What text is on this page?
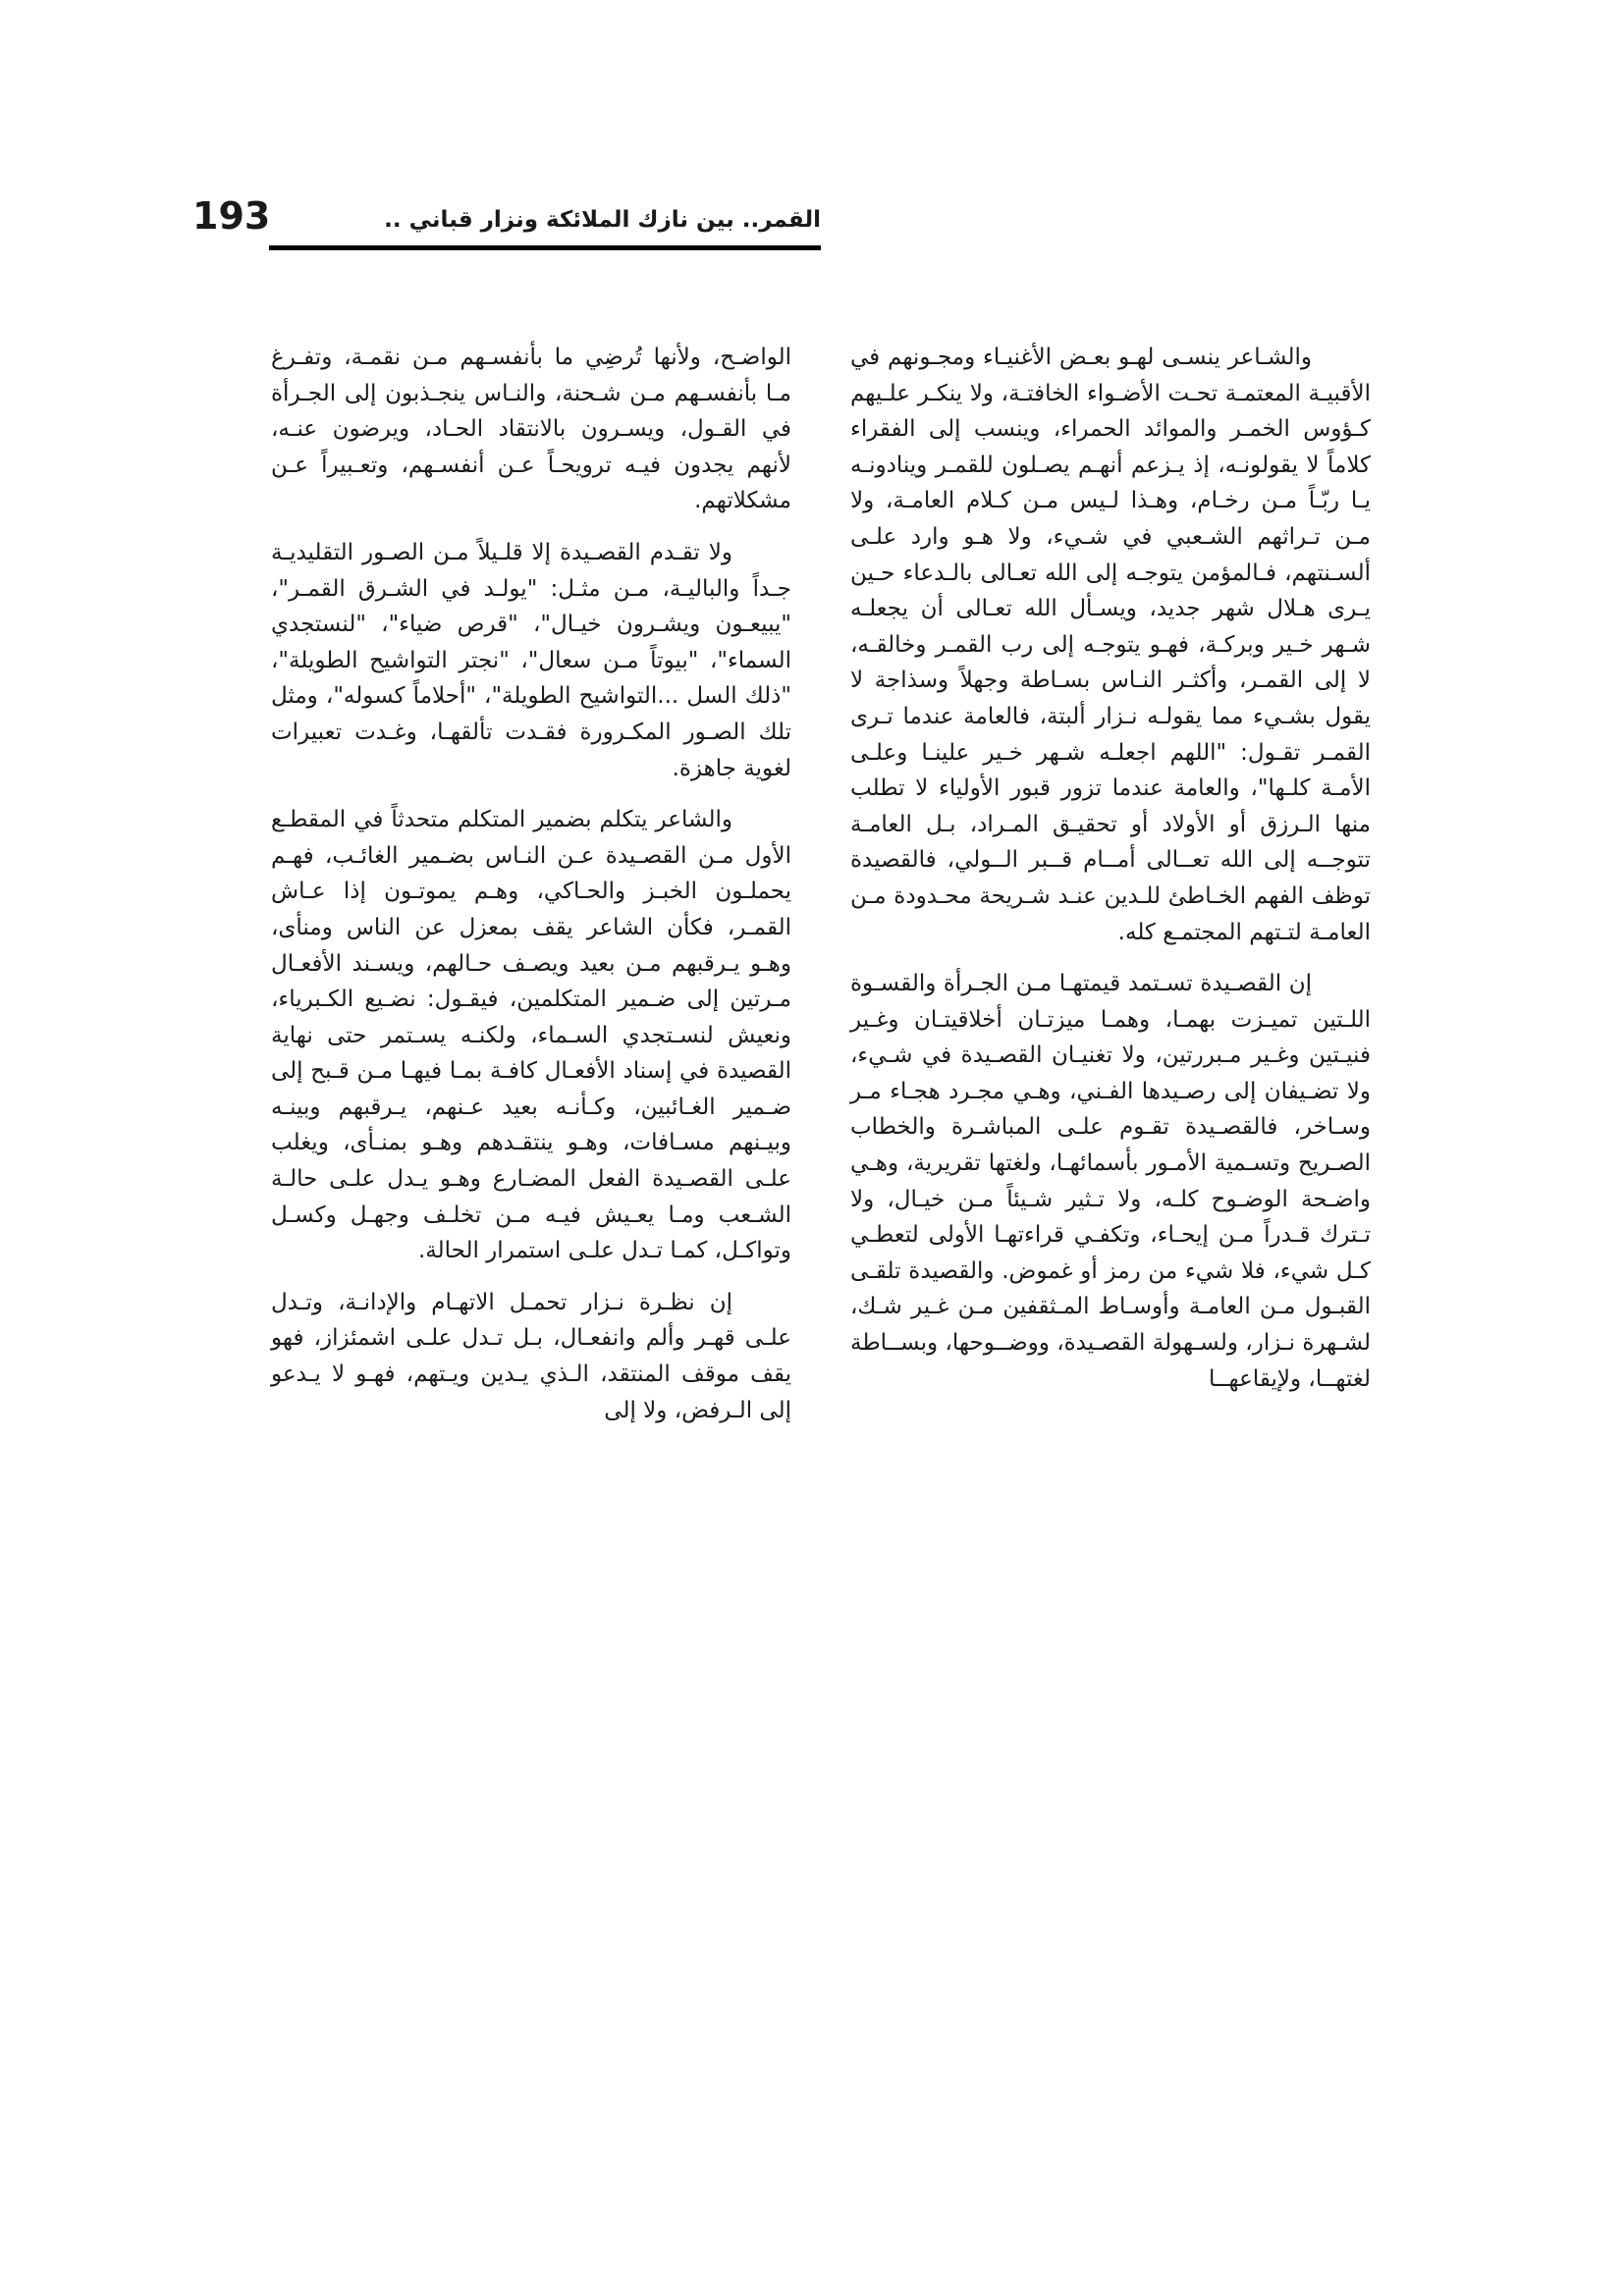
193	القمر.. بين نازك الملائكة ونزار قباني ..

والشـاعر ينسـى لهـو بعـض الأغنيـاء ومجـونهم في الأقبيـة المعتمـة تحـت الأضـواء الخافتـة، ولا ينكـر علـيهم كـؤوس الخمـر والموائد الحمراء، وينسب إلى الفقراء كلاماً لا يقولونـه، إذ يـزعم أنهـم يصـلون للقمـر وينادونـه يـا ربّـاً مـن رخـام، وهـذا لـيس مـن كـلام العامـة، ولا مـن تـراثهم الشـعبي في شـيء، ولا هـو وارد علـى ألسـنتهم، فـالمؤمن يتوجـه إلى الله تعـالى بالـدعاء حـين يـرى هـلال شهر جديد، ويسـأل الله تعـالى أن يجعلـه شـهر خـير وبركـة، فهـو يتوجـه إلى رب القمـر وخالقـه، لا إلى القمـر، وأكثـر النـاس بسـاطة وجهلاً وسذاجة لا يقول بشـيء مما يقولـه نـزار ألبتة، فالعامة عندما تـرى القمـر تقـول: "اللهم اجعلـه شـهر خـير علينـا وعلـى الأمـة كلـها"، والعامة عندما تزور قبور الأولياء لا تطلب منها الـرزق أو الأولاد أو تحقيـق المـراد، بـل العامـة تتوجــه إلى الله تعــالى أمــام قــبر الــولي، فالقصيدة توظف الفهم الخـاطئ للـدين عنـد شـريحة محـدودة مـن العامـة لتـتهم المجتمـع كله.

إن القصـيدة تسـتمد قيمتهـا مـن الجـرأة والقسـوة اللـتين تميـزت بهمـا، وهمـا ميزتـان أخلاقيتـان وغـير فنيـتين وغـير مـبررتين، ولا تغنيـان القصـيدة في شـيء، ولا تضـيفان إلى رصـيدها الفـني، وهـي مجـرد هجـاء مـر وسـاخر، فالقصـيدة تقـوم علـى المباشـرة والخطاب الصـريح وتسـمية الأمـور بأسمائهـا، ولغتها تقريرية، وهـي واضـحة الوضـوح كلـه، ولا تـثير شـيئاً مـن خيـال، ولا تـترك قـدراً مـن إيحـاء، وتكفـي قراءتهـا الأولى لتعطـي كـل شيء، فلا شيء من رمز أو غموض. والقصيدة تلقـى القبـول مـن العامـة وأوسـاط المـثقفين مـن غـير شـك، لشـهرة نـزار، ولسـهولة القصـيدة، ووضــوحها، وبســاطة لغتهــا، ولإيقاعهــا

الواضـح، ولأنها تُرضِي ما بأنفسـهم مـن نقمـة، وتفـرغ مـا بأنفسـهم مـن شـحنة، والنـاس ينجـذبون إلى الجـرأة في القـول، ويسـرون بالانتقاد الحـاد، ويرضون عنـه، لأنهم يجدون فيـه ترويحـاً عـن أنفسـهم، وتعـبيراً عـن مشكلاتهم.

ولا تقـدم القصـيدة إلا قلـيلاً مـن الصـور التقليديـة جـداً والباليـة، مـن مثـل: "يولـد في الشـرق القمـر"، "يبيعـون ويشـرون خيـال"، "قرص ضياء"، "لنستجدي السماء"، "بيوتاً مـن سعال"، "نجتر التواشيح الطويلة"، "ذلك السل ...التواشيح الطويلة"، "أحلاماً كسوله"، ومثل تلك الصـور المكـرورة فقـدت تألقهـا، وغـدت تعبيرات لغوية جاهزة.

والشاعر يتكلم بضمير المتكلم متحدثاً في المقطـع الأول مـن القصـيدة عـن النـاس بضـمير الغائـب، فهـم يحملـون الخبـز والحـاكي، وهـم يموتـون إذا عـاش القمـر، فكأن الشاعر يقف بمعزل عن الناس ومنأى، وهـو يـرقبهم مـن بعيد ويصـف حـالهم، ويسـند الأفعـال مـرتين إلى ضـمير المتكلمين، فيقـول: نضـيع الكـبرياء، ونعيش لنسـتجدي السـماء، ولكنـه يسـتمر حتى نهاية القصيدة في إسناد الأفعـال كافـة بمـا فيهـا مـن قـبح إلى ضـمير الغـائبين، وكـأنـه بعيد عـنهم، يـرقبهم وبينـه وبيـنهم مسـافات، وهـو ينتقـدهم وهـو بمنـأى، ويغلب علـى القصـيدة الفعل المضـارع وهـو يـدل علـى حالـة الشـعب ومـا يعـيش فيـه مـن تخلـف وجهـل وكسـل وتواكـل، كمـا تـدل علـى استمرار الحالة.

إن نظـرة نـزار تحمـل الاتهـام والإدانـة، وتـدل علـى قهـر وألم وانفعـال، بـل تـدل علـى اشمئزاز، فهو يقف موقف المنتقد، الـذي يـدين ويـتهم، فهـو لا يـدعو إلى الـرفض، ولا إلى
